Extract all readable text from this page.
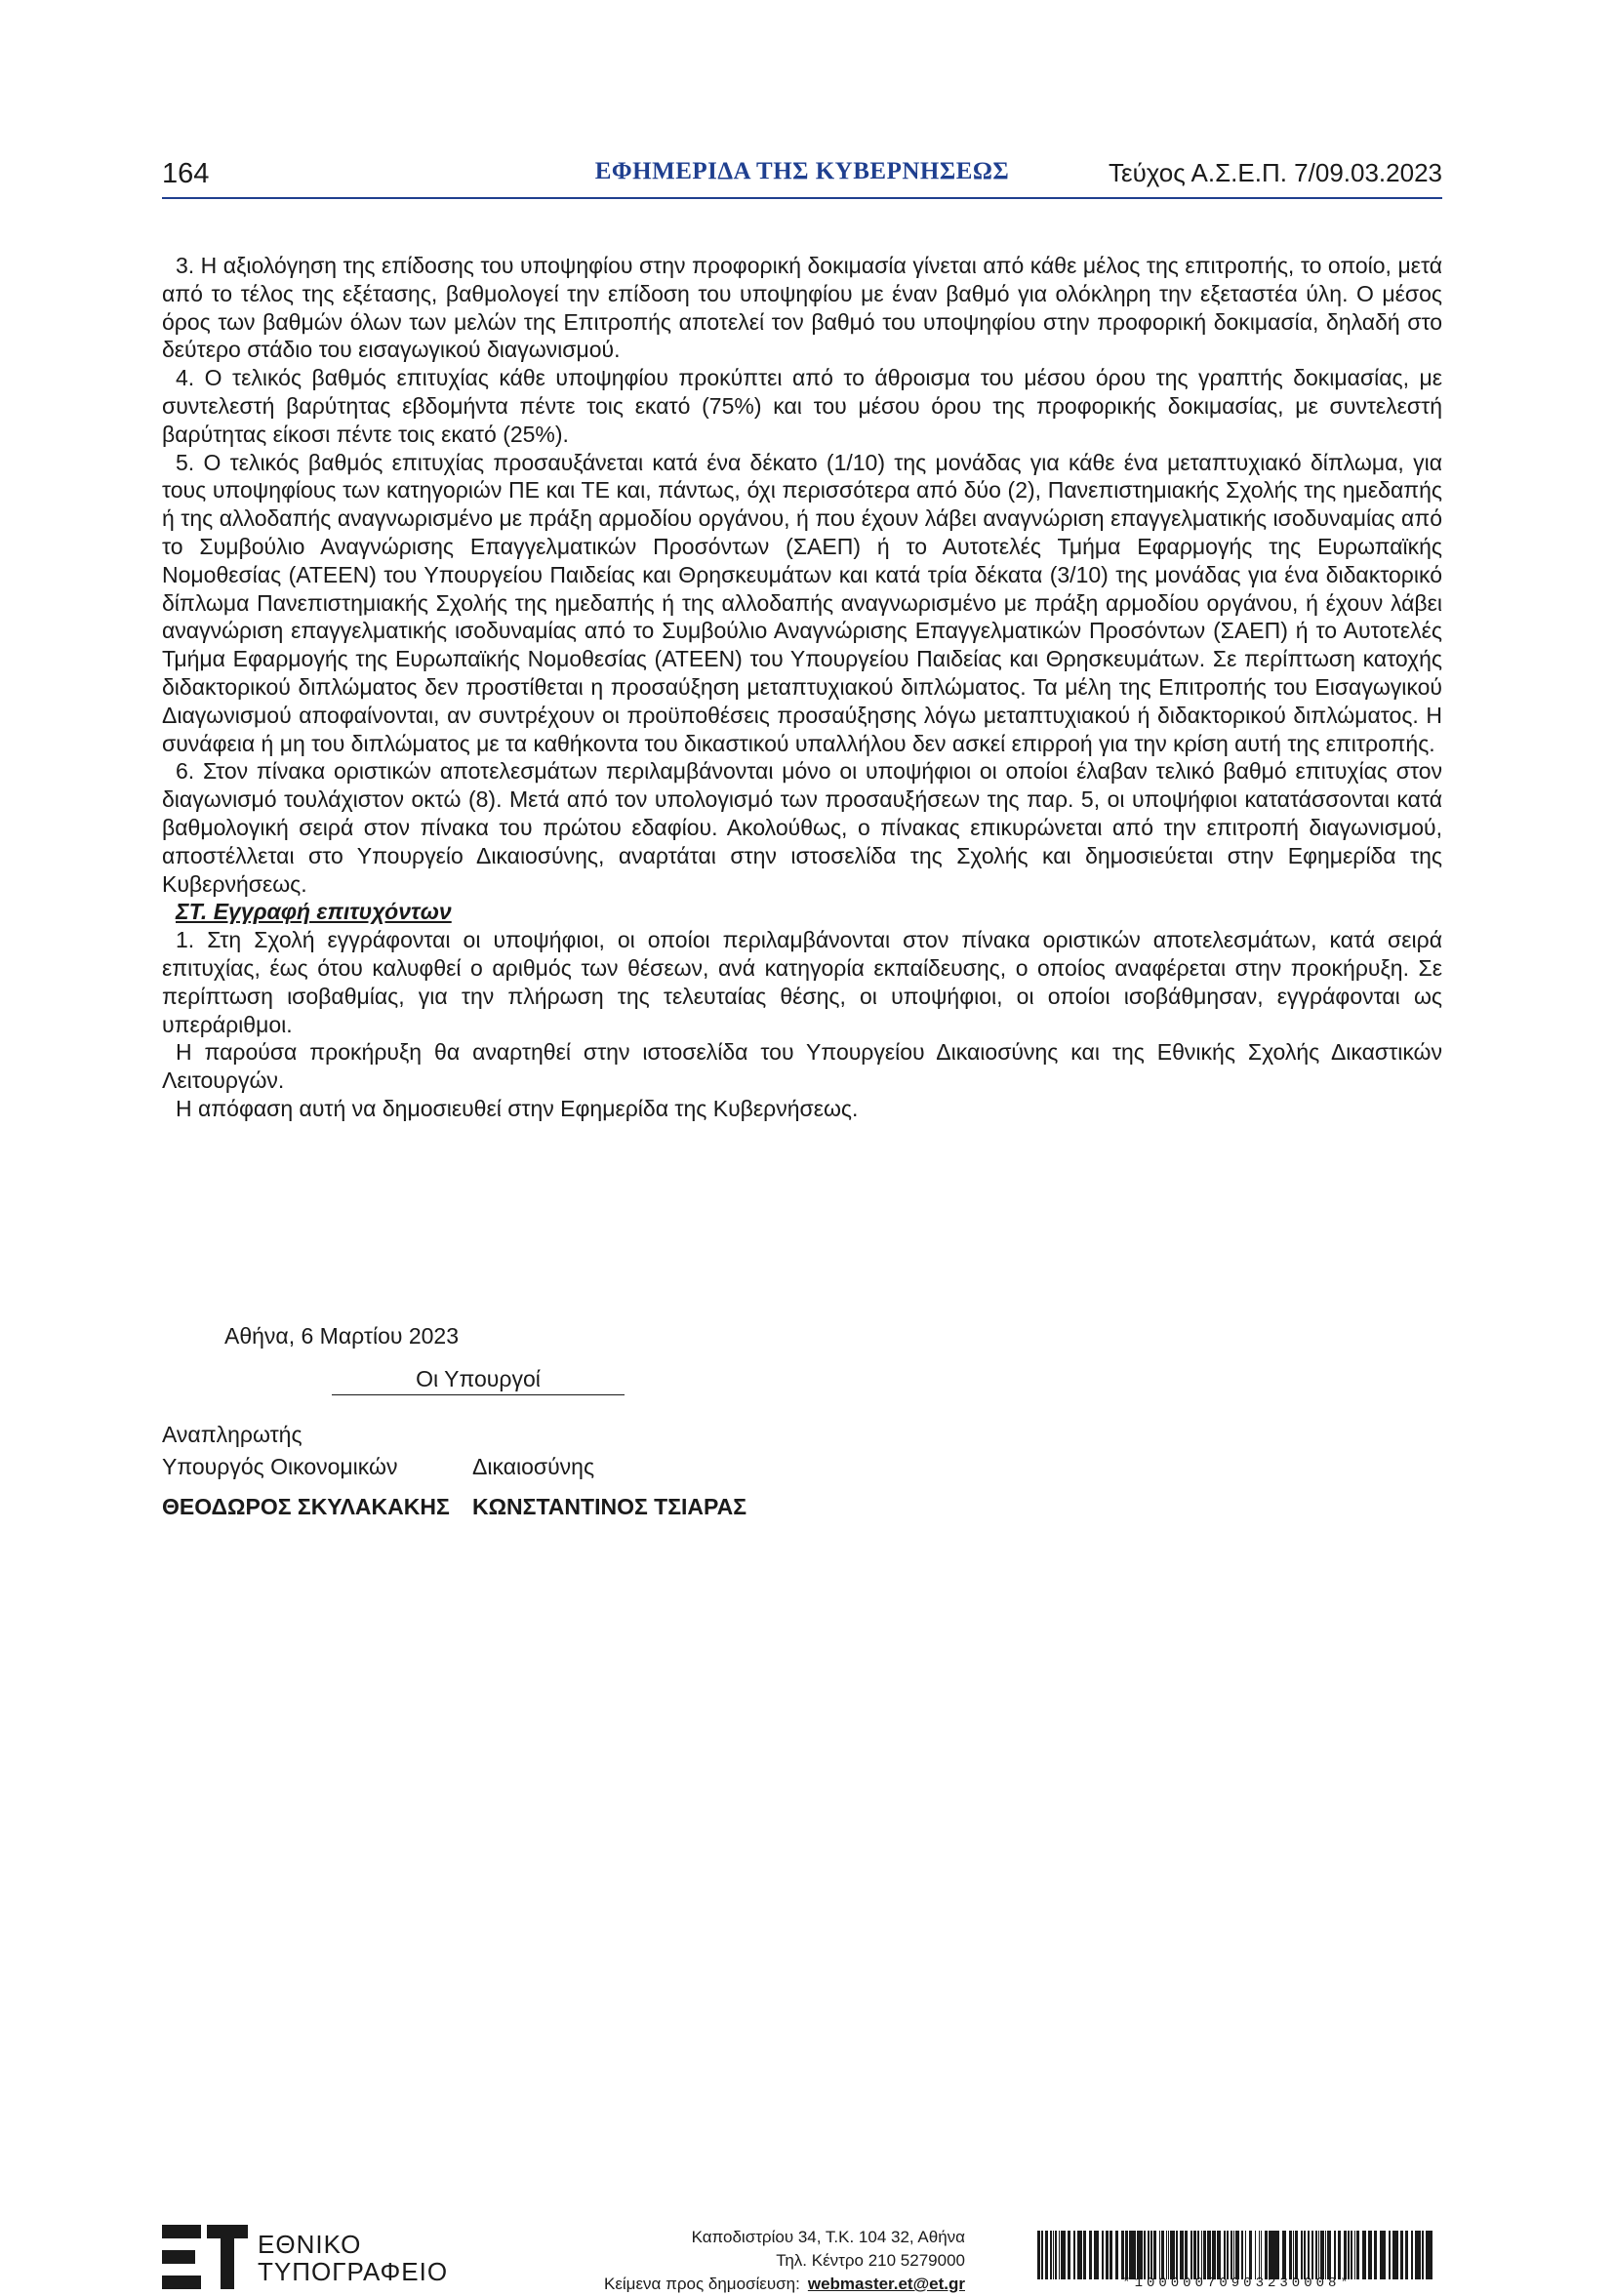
164	ΕΦΗΜΕΡΙΔΑ ΤΗΣ ΚΥΒΕΡΝΗΣΕΩΣ	Τεύχος Α.Σ.Ε.Π. 7/09.03.2023

3. Η αξιολόγηση της επίδοσης του υποψηφίου στην προφορική δοκιμασία γίνεται από κάθε μέλος της επιτροπής, το οποίο, μετά από το τέλος της εξέτασης, βαθμολογεί την επίδοση του υποψηφίου με έναν βαθμό για ολόκληρη την εξεταστέα ύλη. Ο μέσος όρος των βαθμών όλων των μελών της Επιτροπής αποτελεί τον βαθμό του υποψηφίου στην προφορική δοκιμασία, δηλαδή στο δεύτερο στάδιο του εισαγωγικού διαγωνισμού.

4. Ο τελικός βαθμός επιτυχίας κάθε υποψηφίου προκύπτει από το άθροισμα του μέσου όρου της γραπτής δοκιμασίας, με συντελεστή βαρύτητας εβδομήντα πέντε τοις εκατό (75%) και του μέσου όρου της προφορικής δοκιμασίας, με συντελεστή βαρύτητας είκοσι πέντε τοις εκατό (25%).

5. Ο τελικός βαθμός επιτυχίας προσαυξάνεται κατά ένα δέκατο (1/10) της μονάδας για κάθε ένα μεταπτυχιακό δίπλωμα, για τους υποψηφίους των κατηγοριών ΠΕ και ΤΕ και, πάντως, όχι περισσότερα από δύο (2), Πανεπιστημιακής Σχολής της ημεδαπής ή της αλλοδαπής αναγνωρισμένο με πράξη αρμοδίου οργάνου, ή που έχουν λάβει αναγνώριση επαγγελματικής ισοδυναμίας από το Συμβούλιο Αναγνώρισης Επαγγελματικών Προσόντων (ΣΑΕΠ) ή το Αυτοτελές Τμήμα Εφαρμογής της Ευρωπαϊκής Νομοθεσίας (ΑΤΕΕΝ) του Υπουργείου Παιδείας και Θρησκευμάτων και κατά τρία δέκατα (3/10) της μονάδας για ένα διδακτορικό δίπλωμα Πανεπιστημιακής Σχολής της ημεδαπής ή της αλλοδαπής αναγνωρισμένο με πράξη αρμοδίου οργάνου, ή έχουν λάβει αναγνώριση επαγγελματικής ισοδυναμίας από το Συμβούλιο Αναγνώρισης Επαγγελματικών Προσόντων (ΣΑΕΠ) ή το Αυτοτελές Τμήμα Εφαρμογής της Ευρωπαϊκής Νομοθεσίας (ΑΤΕΕΝ) του Υπουργείου Παιδείας και Θρησκευμάτων. Σε περίπτωση κατοχής διδακτορικού διπλώματος δεν προστίθεται η προσαύξηση μεταπτυχιακού διπλώματος. Τα μέλη της Επιτροπής του Εισαγωγικού Διαγωνισμού αποφαίνονται, αν συντρέχουν οι προϋποθέσεις προσαύξησης λόγω μεταπτυχιακού ή διδακτορικού διπλώματος. Η συνάφεια ή μη του διπλώματος με τα καθήκοντα του δικαστικού υπαλλήλου δεν ασκεί επιρροή για την κρίση αυτή της επιτροπής.

6. Στον πίνακα οριστικών αποτελεσμάτων περιλαμβάνονται μόνο οι υποψήφιοι οι οποίοι έλαβαν τελικό βαθμό επιτυχίας στον διαγωνισμό τουλάχιστον οκτώ (8). Μετά από τον υπολογισμό των προσαυξήσεων της παρ. 5, οι υποψήφιοι κατατάσσονται κατά βαθμολογική σειρά στον πίνακα του πρώτου εδαφίου. Ακολούθως, ο πίνακας επικυρώνεται από την επιτροπή διαγωνισμού, αποστέλλεται στο Υπουργείο Δικαιοσύνης, αναρτάται στην ιστοσελίδα της Σχολής και δημοσιεύεται στην Εφημερίδα της Κυβερνήσεως.

ΣΤ. Εγγραφή επιτυχόντων

1. Στη Σχολή εγγράφονται οι υποψήφιοι, οι οποίοι περιλαμβάνονται στον πίνακα οριστικών αποτελεσμάτων, κατά σειρά επιτυχίας, έως ότου καλυφθεί ο αριθμός των θέσεων, ανά κατηγορία εκπαίδευσης, ο οποίος αναφέρεται στην προκήρυξη. Σε περίπτωση ισοβαθμίας, για την πλήρωση της τελευταίας θέσης, οι υποψήφιοι, οι οποίοι ισοβάθμησαν, εγγράφονται ως υπεράριθμοι.

Η παρούσα προκήρυξη θα αναρτηθεί στην ιστοσελίδα του Υπουργείου Δικαιοσύνης και της Εθνικής Σχολής Δικαστικών Λειτουργών.

Η απόφαση αυτή να δημοσιευθεί στην Εφημερίδα της Κυβερνήσεως.

Αθήνα, 6 Μαρτίου 2023
Οι Υπουργοί
Αναπληρωτής
Υπουργός Οικονομικών
ΘΕΟΔΩΡΟΣ ΣΚΥΛΑΚΑΚΗΣ
Δικαιοσύνης
ΚΩΝΣΤΑΝΤΙΝΟΣ ΤΣΙΑΡΑΣ
ΕΘΝΙΚΟ
ΤΥΠΟΓΡΑΦΕΙΟ
Καποδιστρίου 34, Τ.Κ. 104 32, Αθήνα
Τηλ. Κέντρο 210 5279000
Κείμενα προς δημοσίευση: webmaster.et@et.gr	*10000070903230008*
